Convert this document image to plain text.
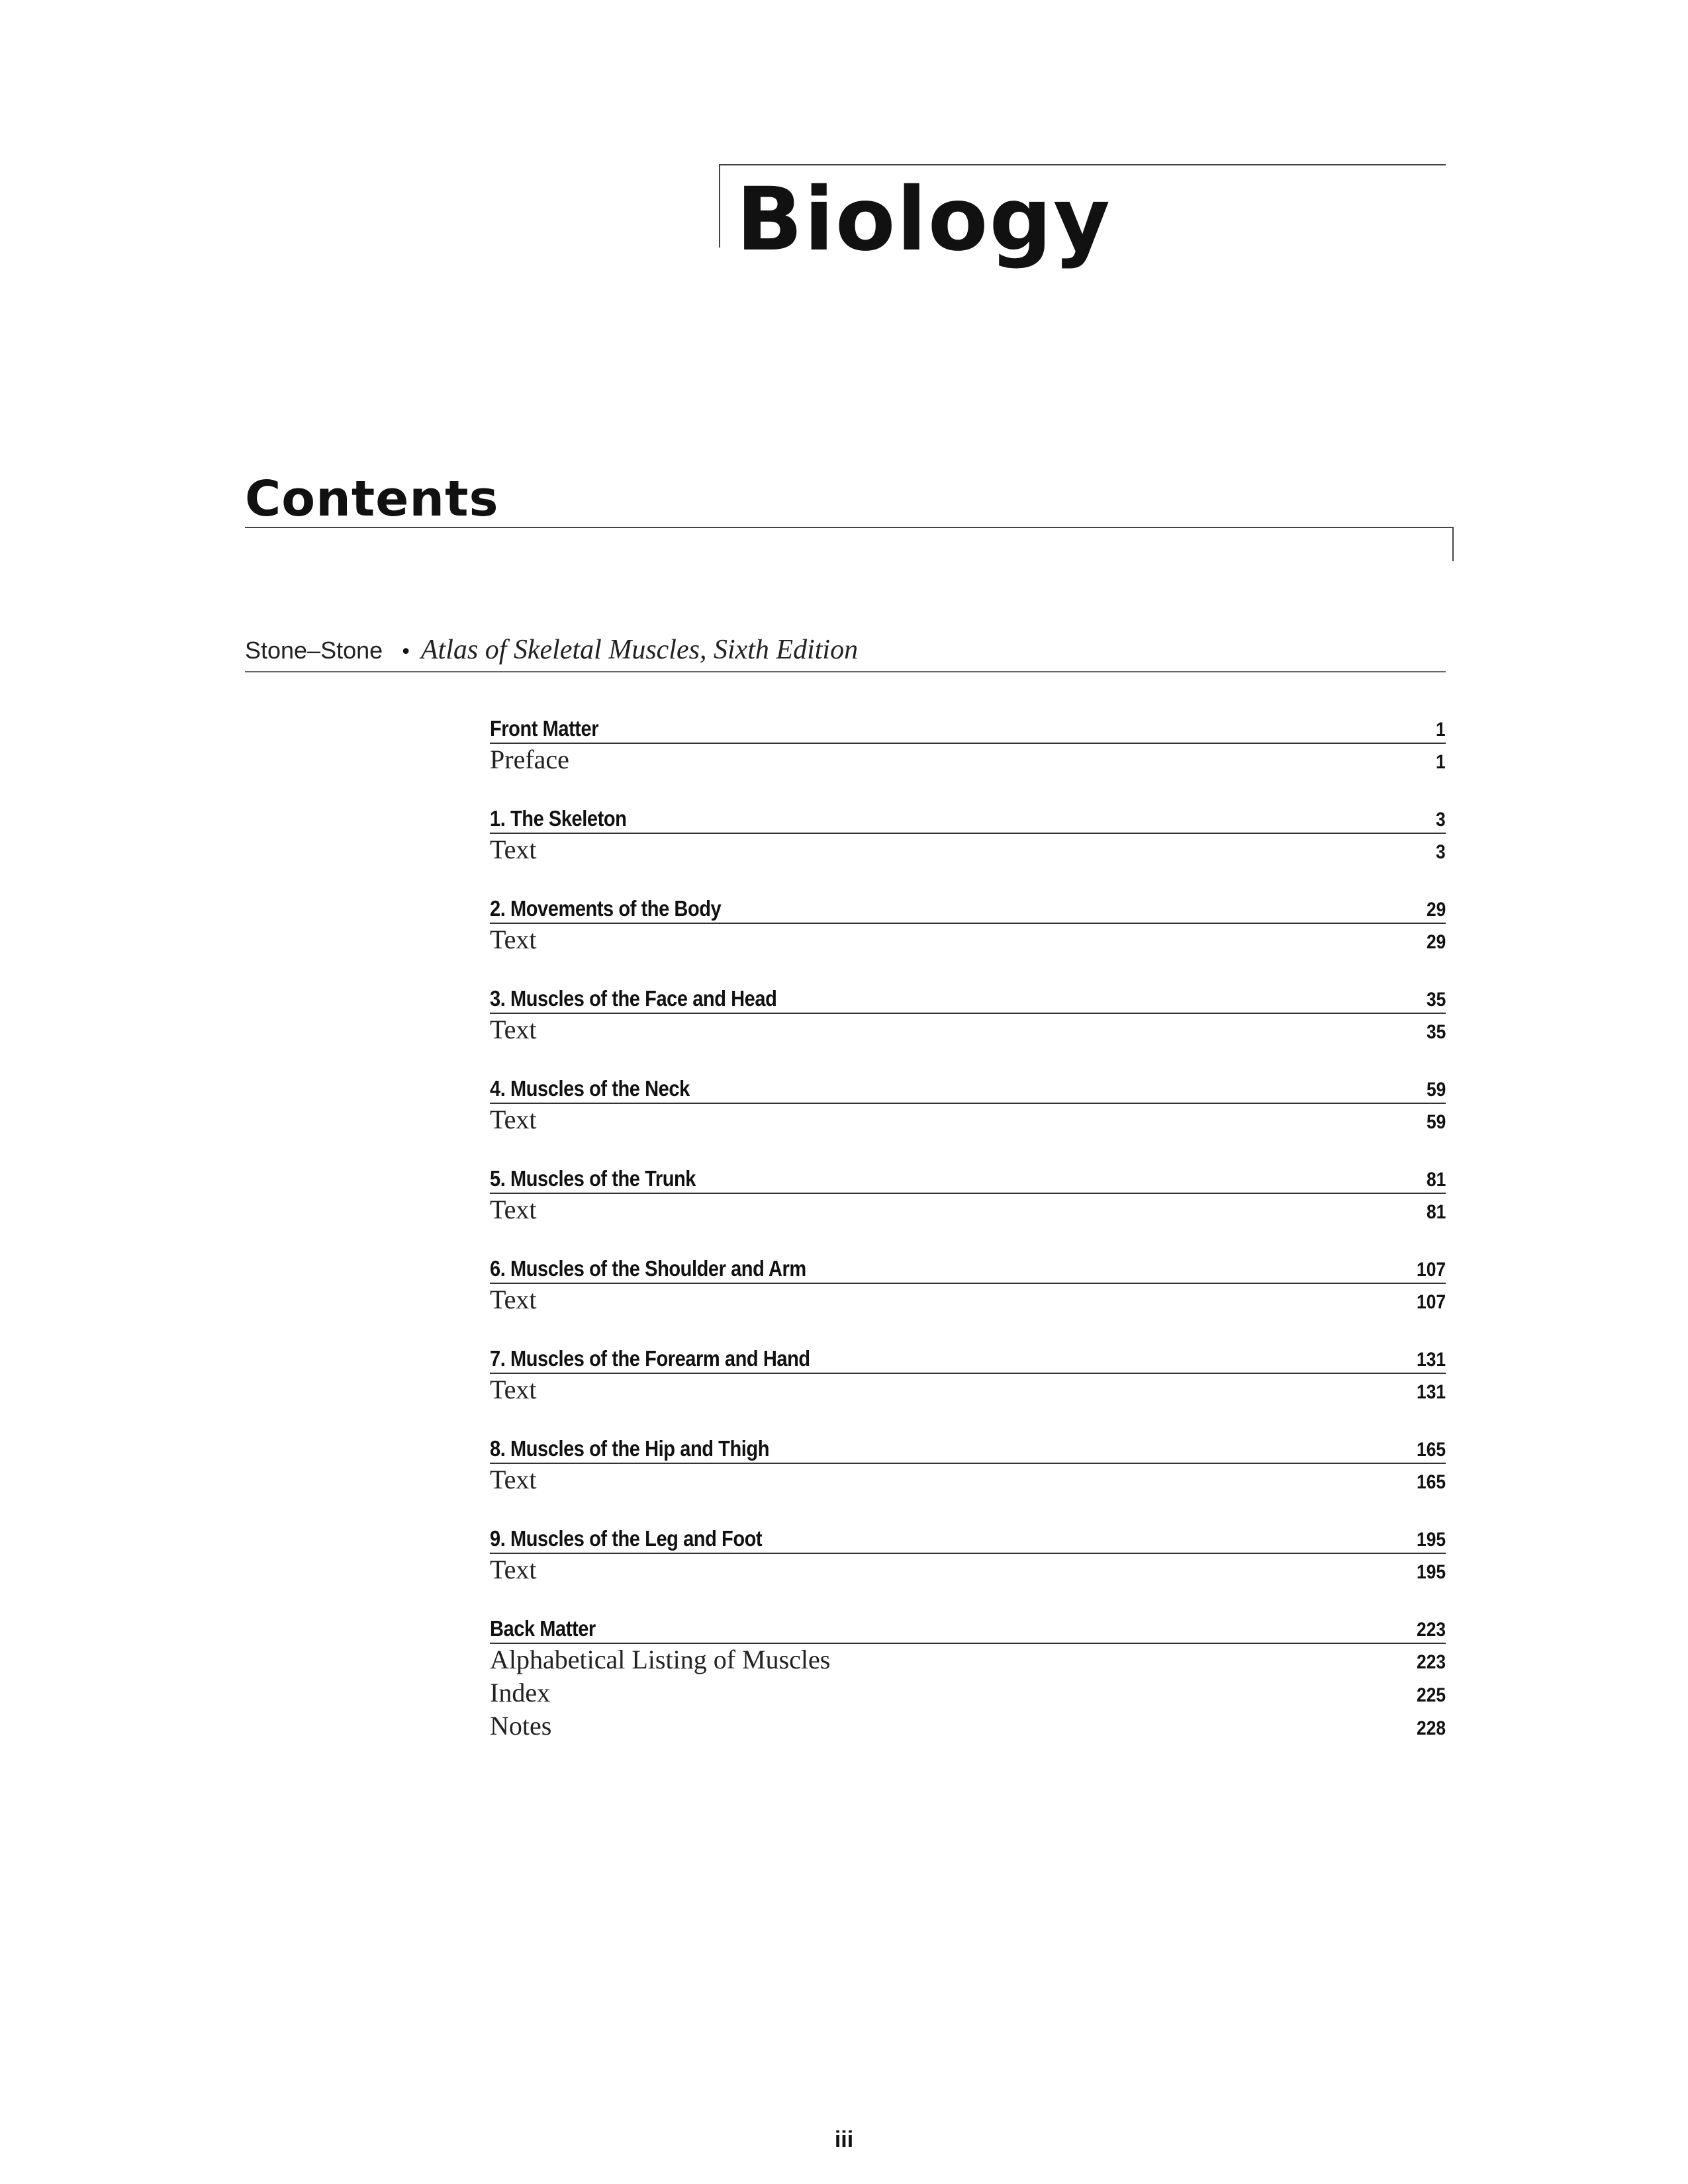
Biology
Contents
Stone–Stone • Atlas of Skeletal Muscles, Sixth Edition
Front Matter	1
Preface	1
1. The Skeleton	3
Text	3
2. Movements of the Body	29
Text	29
3. Muscles of the Face and Head	35
Text	35
4. Muscles of the Neck	59
Text	59
5. Muscles of the Trunk	81
Text	81
6. Muscles of the Shoulder and Arm	107
Text	107
7. Muscles of the Forearm and Hand	131
Text	131
8. Muscles of the Hip and Thigh	165
Text	165
9. Muscles of the Leg and Foot	195
Text	195
Back Matter	223
Alphabetical Listing of Muscles	223
Index	225
Notes	228
iii
